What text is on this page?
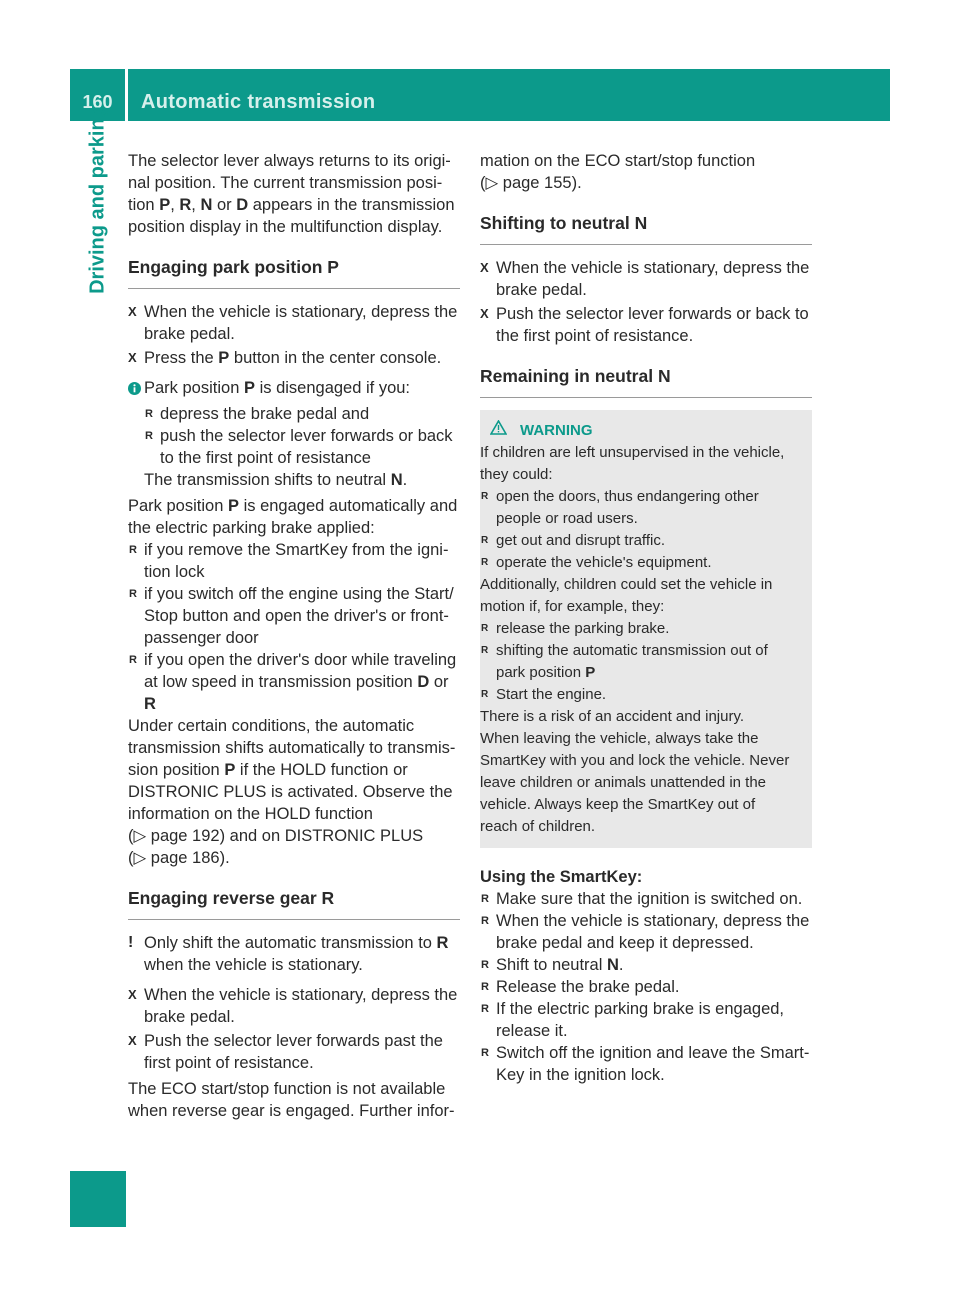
160	Automatic transmission
Driving and parking The selector lever always returns to its origi-
nal position. The current transmission posi-
tion P, R, N or D appears in the transmission
position display in the multifunction display.
Engaging park position P
X When the vehicle is stationary, depress the
brake pedal.
X Press the P button in the center console.
Park position P is disengaged if you:
R depress the brake pedal and
R push the selector lever forwards or back
to the first point of resistance
The transmission shifts to neutral N.
Park position P is engaged automatically and
the electric parking brake applied:
R if you remove the SmartKey from the igni-
tion lock
R if you switch off the engine using the Start/
Stop button and open the driver's or front-
passenger door
R if you open the driver's door while traveling
at low speed in transmission position D or
R
Under certain conditions, the automatic
transmission shifts automatically to transmis-
sion position P if the HOLD function or
DISTRONIC PLUS is activated. Observe the
information on the HOLD function
(▷ page 192) and on DISTRONIC PLUS
(▷ page 186).
Engaging reverse gear R
! Only shift the automatic transmission to R
when the vehicle is stationary.
X When the vehicle is stationary, depress the
brake pedal.
X Push the selector lever forwards past the
first point of resistance.
The ECO start/stop function is not available
when reverse gear is engaged. Further infor-
mation on the ECO start/stop function
(▷ page 155).
Shifting to neutral N
X When the vehicle is stationary, depress the
brake pedal.
X Push the selector lever forwards or back to
the first point of resistance.
Remaining in neutral N
WARNING
If children are left unsupervised in the vehicle,
they could:
R open the doors, thus endangering other
people or road users.
R get out and disrupt traffic.
R operate the vehicle's equipment.
Additionally, children could set the vehicle in
motion if, for example, they:
R release the parking brake.
R shifting the automatic transmission out of
park position P
R Start the engine.
There is a risk of an accident and injury.
When leaving the vehicle, always take the
SmartKey with you and lock the vehicle. Never
leave children or animals unattended in the
vehicle. Always keep the SmartKey out of
reach of children.
Using the SmartKey:
R Make sure that the ignition is switched on.
R When the vehicle is stationary, depress the
brake pedal and keep it depressed.
R Shift to neutral N.
R Release the brake pedal.
R If the electric parking brake is engaged,
release it.
R Switch off the ignition and leave the Smart-
Key in the ignition lock.
